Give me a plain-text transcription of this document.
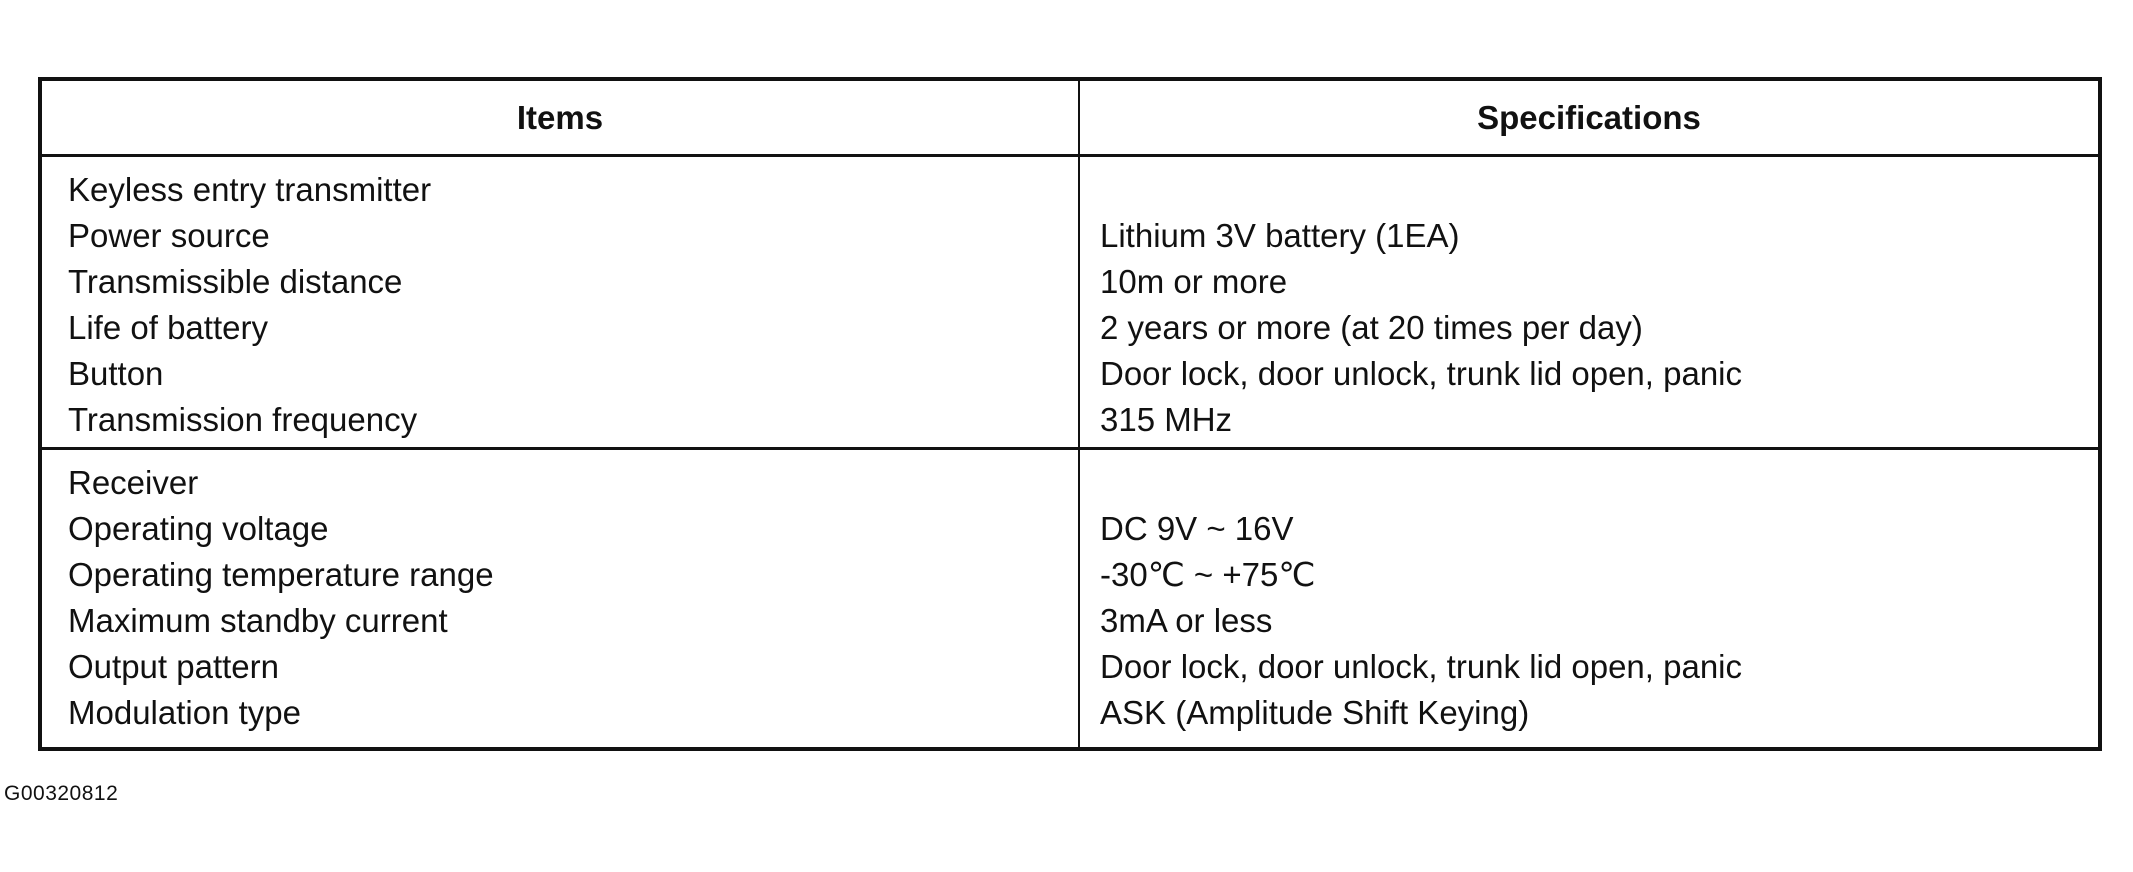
Items	Specifications
Keyless entry transmitter
Power source	Lithium 3V battery (1EA)
Transmissible distance	10m or more
Life of battery	2 years or more (at 20 times per day)
Button	Door lock, door unlock, trunk lid open, panic
Transmission frequency	315 MHz
Receiver
Operating voltage	DC 9V ~ 16V
Operating temperature range	-30℃ ~ +75℃
Maximum standby current	3mA or less
Output pattern	Door lock, door unlock, trunk lid open, panic
Modulation type	ASK (Amplitude Shift Keying)
G00320812
